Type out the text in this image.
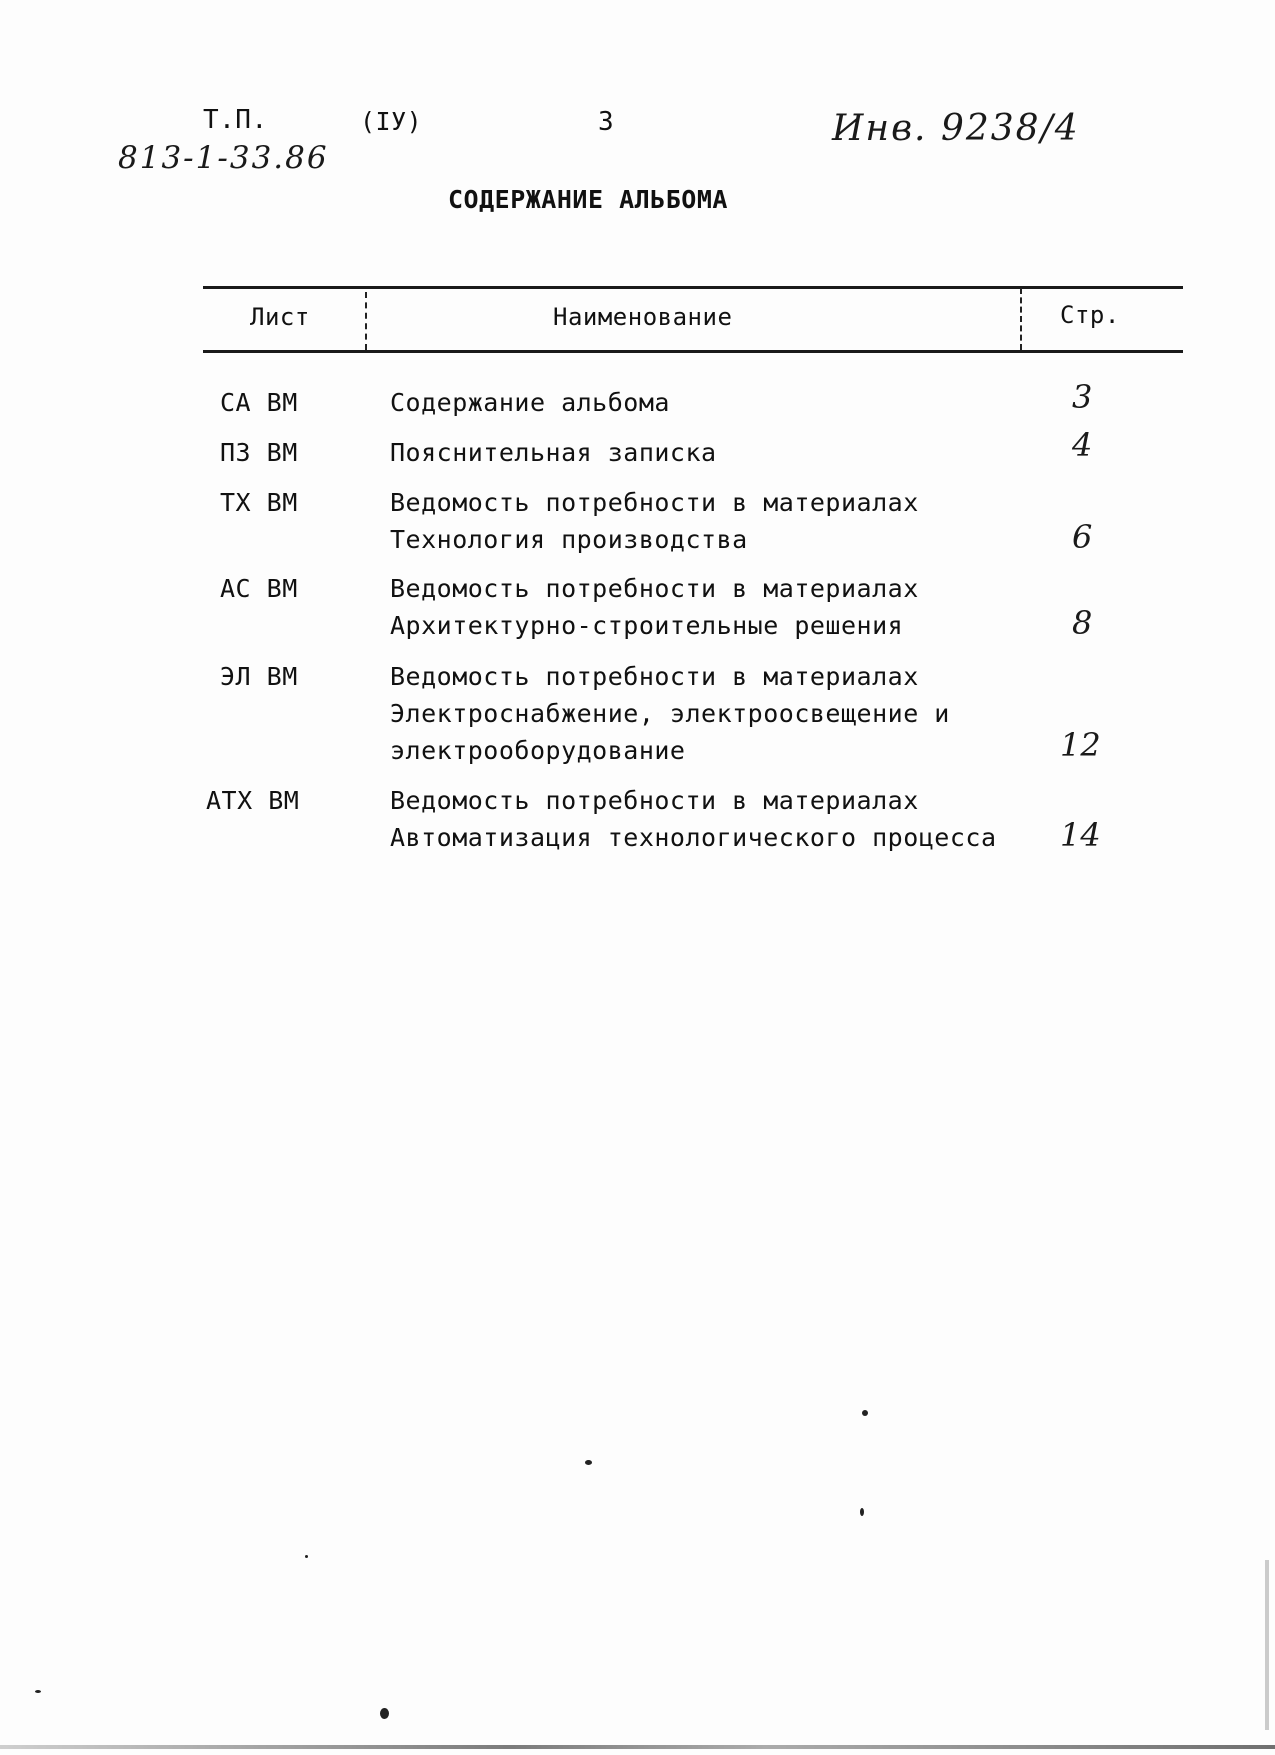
Т.П.
813-1-33.86
(IУ)	3	Инв. 9238/4
СОДЕРЖАНИЕ АЛЬБОМА
Лист	Наименование	Стр.
СА ВМ	Содержание альбома	3
ПЗ ВМ	Пояснительная записка	4
ТХ ВМ	Ведомость потребности в материалах
Технология производства	6
АС ВМ	Ведомость потребности в материалах
Архитектурно-строительные решения	8
ЭЛ ВМ	Ведомость потребности в материалах
Электроснабжение, электроосвещение и
электрооборудование	12
АТХ ВМ	Ведомость потребности в материалах
Автоматизация технологического процесса 14
